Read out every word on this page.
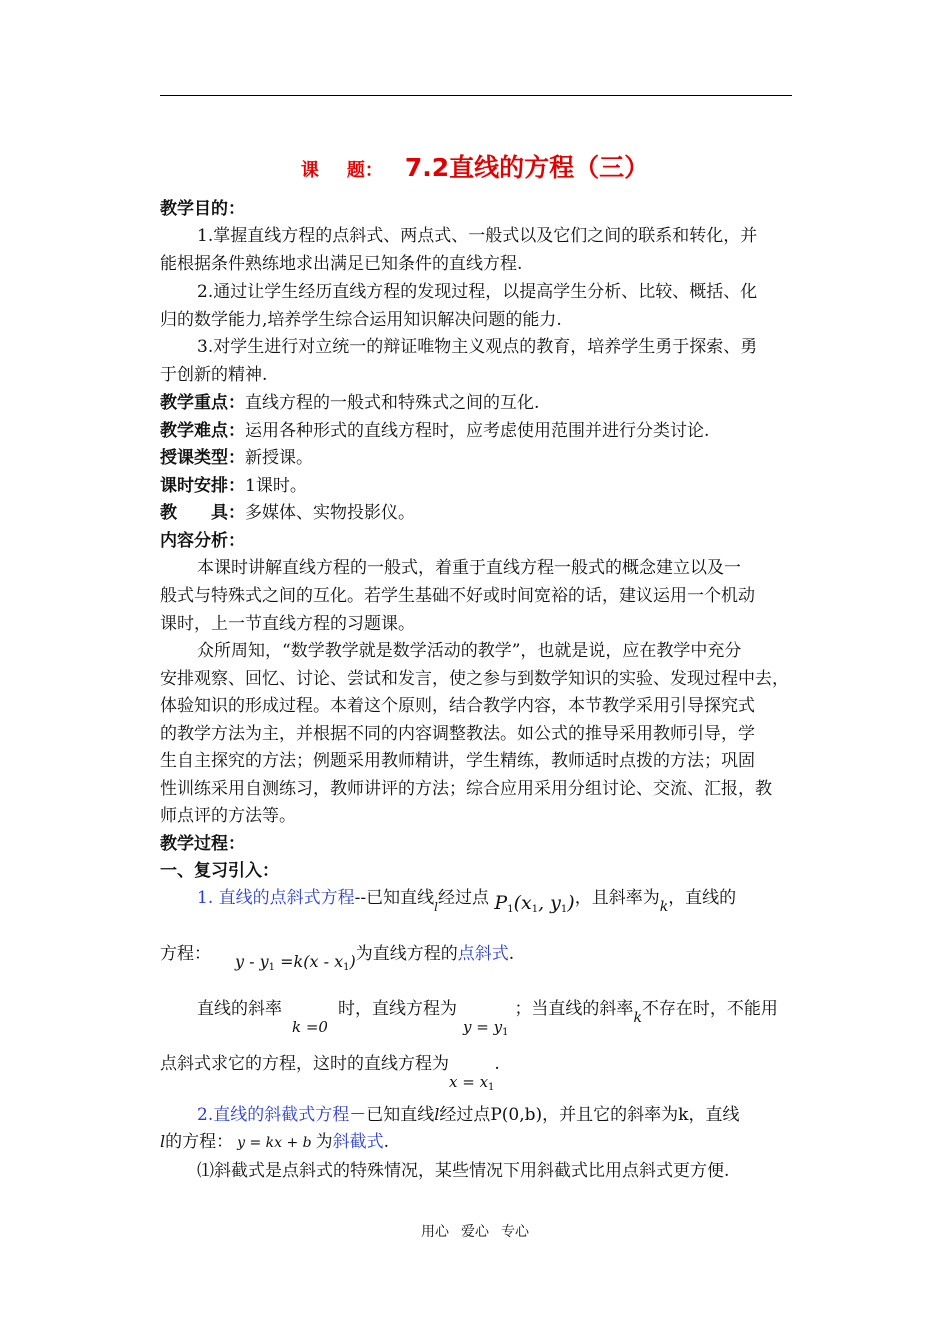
课 题： 7.2直线的方程（三）
教学目的：
1.掌握直线方程的点斜式、两点式、一般式以及它们之间的联系和转化，并
能根据条件熟练地求出满足已知条件的直线方程.
2.通过让学生经历直线方程的发现过程，以提高学生分析、比较、概括、化
归的数学能力,培养学生综合运用知识解决问题的能力.
3.对学生进行对立统一的辩证唯物主义观点的教育，培养学生勇于探索、勇
于创新的精神.
教学重点：直线方程的一般式和特殊式之间的互化.
教学难点：运用各种形式的直线方程时，应考虑使用范围并进行分类讨论.
授课类型：新授课。
课时安排：1课时。
教　　具：多媒体、实物投影仪。
内容分析：
本课时讲解直线方程的一般式，着重于直线方程一般式的概念建立以及一
般式与特殊式之间的互化。若学生基础不好或时间宽裕的话，建议运用一个机动
课时，上一节直线方程的习题课。
众所周知，“数学教学就是数学活动的教学”，也就是说，应在教学中充分
安排观察、回忆、讨论、尝试和发言，使之参与到数学知识的实验、发现过程中去，
体验知识的形成过程。本着这个原则，结合教学内容，本节教学采用引导探究式
的教学方法为主，并根据不同的内容调整教法。如公式的推导采用教师引导，学
生自主探究的方法；例题采用教师精讲，学生精练，教师适时点拨的方法；巩固
性训练采用自测练习，教师讲评的方法；综合应用采用分组讨论、交流、汇报，教
师点评的方法等。
教学过程：
一、复习引入：
1. 直线的点斜式方程--已知直线$_l$经过点 $P_1(x_1$, $y_1$)，且斜率为$_k$，直线的
方程： $y - y_1 =k(x - x_1)$为直线方程的点斜式.
直线的斜率k =0时，直线方程为$y = y_1$；当直线的斜率$_k$不存在时，不能用
点斜式求它的方程，这时的直线方程为$x = x_1$.
2.直线的斜截式方程－已知直线l经过点P(0,b)，并且它的斜率为k，直线
l的方程： y = kx + b 为斜截式.
⑴斜截式是点斜式的特殊情况，某些情况下用斜截式比用点斜式更方便.
用心 爱心 专心
